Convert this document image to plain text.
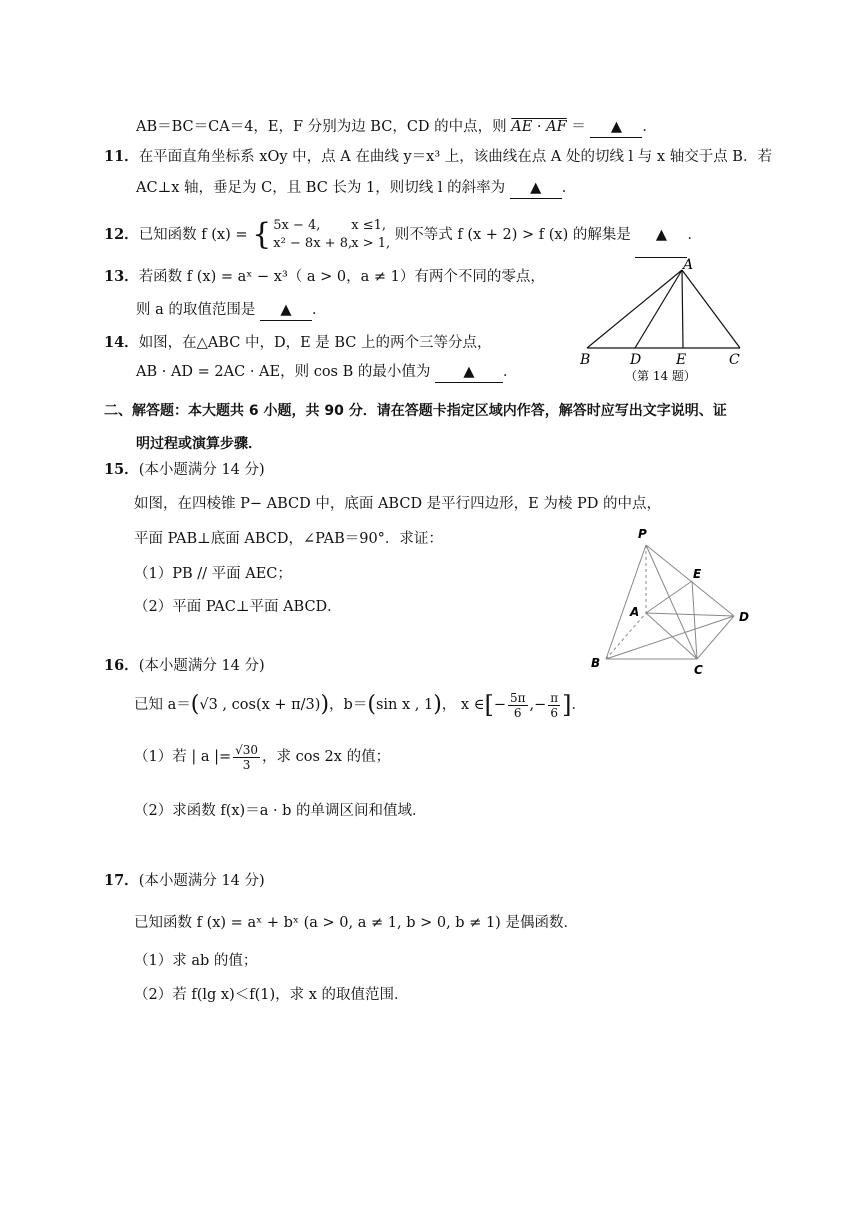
AB＝BC＝CA＝4，E，F 分别为边 BC，CD 的中点，则 AE · AF ＝ ▲ ．
11．在平面直角坐标系 xOy 中，点 A 在曲线 y＝x³ 上，该曲线在点 A 处的切线 l 与 x 轴交于点 B．若
AC⊥x 轴，垂足为 C，且 BC 长为 1，则切线 l 的斜率为 ▲ ．
12．已知函数 f (x) = { 5x − 4,	x ≤1,
x² − 8x + 8, x > 1,
则不等式 f (x + 2) > f (x) 的解集是 ▲ ．
13．若函数 f (x) = aˣ − x³（ a > 0，a ≠ 1）有两个不同的零点，
则 a 的取值范围是 ▲ ．
14．如图，在△ABC 中，D，E 是 BC 上的两个三等分点，
AB · AD = 2AC · AE，则 cos B 的最小值为 ▲ ．
A
B	D E	C
（第 14 题）
二、解答题：本大题共 6 小题，共 90 分．请在答题卡指定区域内作答，解答时应写出文字说明、证
明过程或演算步骤．
15．(本小题满分 14 分)
如图，在四棱锥 P− ABCD 中，底面 ABCD 是平行四边形，E 为棱 PD 的中点，
平面 PAB⊥底面 ABCD，∠PAB＝90°．求证：
（1）PB // 平面 AEC；
（2）平面 PAC⊥平面 ABCD．
P
E
A	D
B	C
16．(本小题满分 14 分)
已知 a＝(√3 , cos(x + π/3))，b＝(sin x , 1)， x ∈[− $\frac{5\pi}{6}$ ,− $\frac{\pi}{6}$ ]．
（1）若 | a |= $\frac{√30}{3}$ ，求 cos 2x 的值；
（2）求函数 f(x)＝a · b 的单调区间和值域．
17．(本小题满分 14 分)
已知函数 f (x) = aˣ + bˣ (a > 0, a ≠ 1, b > 0, b ≠ 1) 是偶函数．
（1）求 ab 的值；
（2）若 f(lg x)＜f(1)，求 x 的取值范围．
